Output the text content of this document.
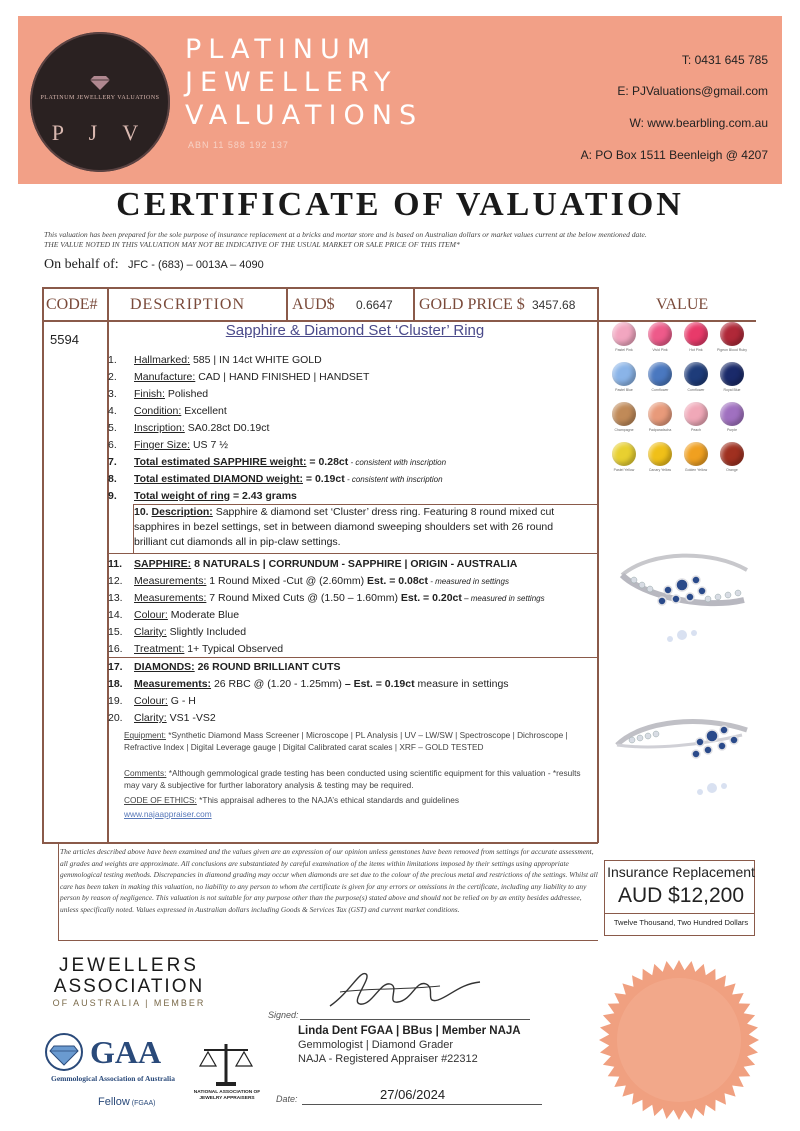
PLATINUM JEWELLERY VALUATIONS
P J V
PLATINUM
JEWELLERY
VALUATIONS
ABN 11 588 192 137
T: 0431 645 785
E: PJValuations@gmail.com
W: www.bearbling.com.au
A: PO Box 1511 Beenleigh @ 4207
CERTIFICATE OF VALUATION
This valuation has been prepared for the sole purpose of insurance replacement at a bricks and mortar store and is based on Australian dollars or market values current at the below mentioned date.
THE VALUE NOTED IN THIS VALUATION MAY NOT BE INDICATIVE OF THE USUAL MARKET OR SALE PRICE OF THIS ITEM*
On behalf of: JFC - (683) – 0013A – 4090
CODE# DESCRIPTION	AUD$ 0.6647 GOLD PRICE $ 3457.68	VALUE
5594
Sapphire & Diamond Set ‘Cluster’ Ring
1. Hallmarked: 585 | IN 14ct WHITE GOLD
2. Manufacture: CAD | HAND FINISHED | HANDSET
3. Finish: Polished
4. Condition: Excellent
5. Inscription: SA0.28ct D0.19ct
6. Finger Size: US 7 ½
7. Total estimated SAPPHIRE weight: = 0.28ct - consistent with inscription
8. Total estimated DIAMOND weight: = 0.19ct - consistent with inscription
9. Total weight of ring = 2.43 grams
11. SAPPHIRE: 8 NATURALS | CORRUNDUM - SAPPHIRE | ORIGIN - AUSTRALIA
12. Measurements: 1 Round Mixed -Cut @ (2.60mm) Est. = 0.08ct - measured in settings
13. Measurements: 7 Round Mixed Cuts @ (1.50 – 1.60mm) Est. = 0.20ct – measured in settings
14. Colour: Moderate Blue
15. Clarity: Slightly Included
16. Treatment: 1+ Typical Observed
17. DIAMONDS: 26 ROUND BRILLIANT CUTS
18. Measurements: 26 RBC @ (1.20 - 1.25mm) – Est. = 0.19ct measure in settings
19. Colour: G - H
20. Clarity: VS1 -VS2
10. Description: Sapphire & diamond set ‘Cluster’ dress ring. Featuring 8 round mixed cut sapphires in bezel settings, set in between diamond sweeping shoulders set with 26 round brilliant cut diamonds all in pip-claw settings.
Equipment: *Synthetic Diamond Mass Screener | Microscope | PL Analysis | UV – LW/SW | Spectroscope | Dichroscope | Refractive Index | Digital Leverage gauge | Digital Calibrated carat scales | XRF – GOLD TESTED
Comments: *Although gemmological grade testing has been conducted using scientific equipment for this valuation - *results may vary & subjective for further laboratory analysis & testing may be required.
CODE OF ETHICS: *This appraisal adheres to the NAJA’s ethical standards and guidelines
www.najaappraiser.com
Pastel Pink	Vivid Pink	Hot Pink	Pigeon Blood Ruby
Pastel Blue	Cornflower	Cornflower	Royal Blue
Champagne	Padparadscha	Peach	Purple
Pastel Yellow	Canary Yellow	Golden Yellow	Orange
The articles described above have been examined and the values given are an expression of our opinion unless gemstones have been removed from settings for accurate assessment, all grades and weights are approximate. All conclusions are substantiated by careful examination of the items within limitations imposed by their settings using appropriate gemmological testing methods. Discrepancies in diamond grading may occur when diamonds are set due to the colour of the precious metal and restrictions of the settings. Whilst all care has been taken in making this valuation, no liability to any person to whom the certificate is given for any errors or omissions in the certificate, including any liability to any person by reason of negligence. This valuation is not suitable for any purpose other than the purpose(s) stated above and should not be relied on by an entity besides addressee, unless specifically noted. Values expressed in Australian dollars including Goods & Services Tax (GST) and current market conditions.
Insurance Replacement
AUD $12,200
Twelve Thousand, Two Hundred Dollars
JEWELLERS
ASSOCIATION
OF AUSTRALIA | MEMBER
GAA
Gemmological Association of Australia
Fellow (FGAA)
NATIONAL ASSOCIATION OF JEWELRY APPRAISERS
Signed:
Linda Dent FGAA | BBus | Member NAJA
Gemmologist | Diamond Grader
NAJA - Registered Appraiser #22312
Date:	27/06/2024
